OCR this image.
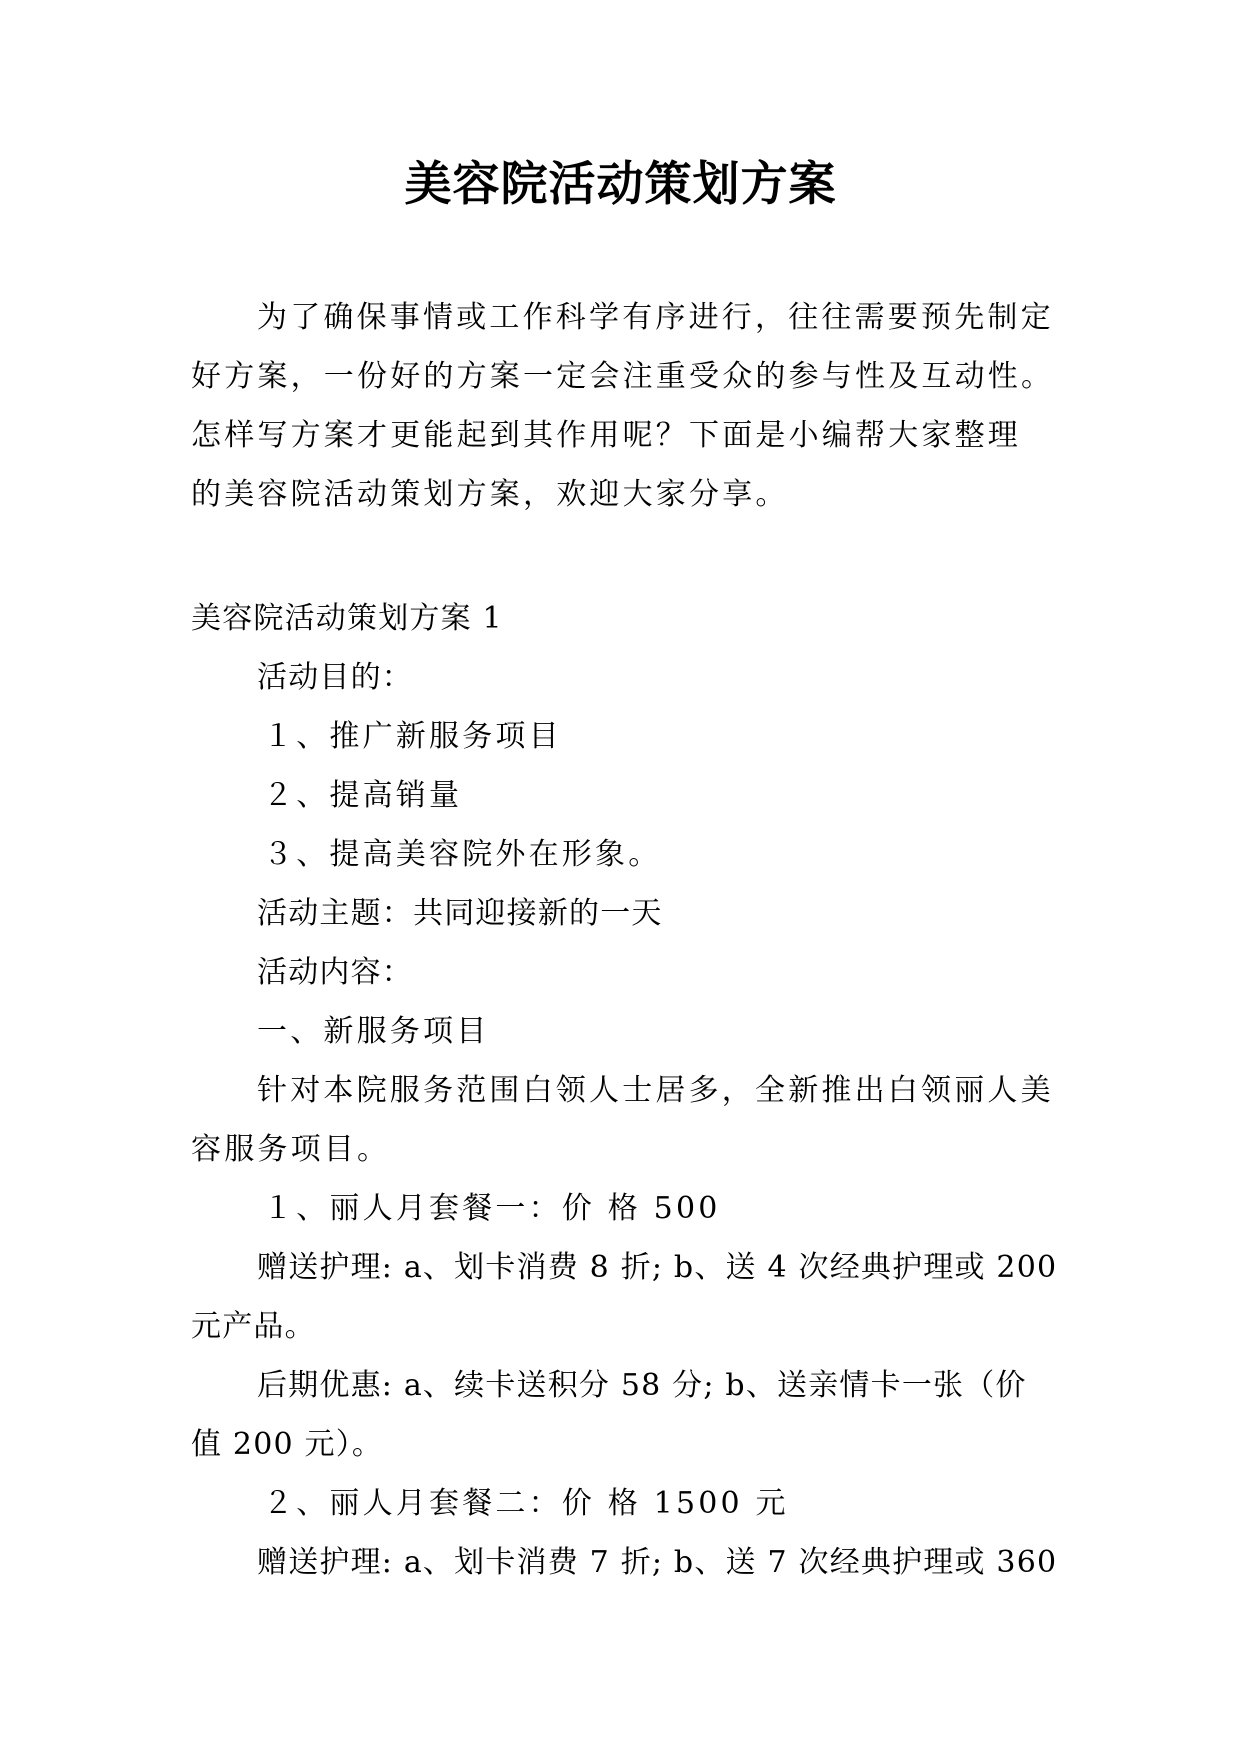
美容院活动策划方案

为了确保事情或工作科学有序进行，往往需要预先制定

好方案，一份好的方案一定会注重受众的参与性及互动性。

怎样写方案才更能起到其作用呢？下面是小编帮大家整理

的美容院活动策划方案，欢迎大家分享。

美容院活动策划方案 1

活动目的：

１、推广新服务项目

２、提高销量

３、提高美容院外在形象。

活动主题：共同迎接新的一天

活动内容：

一、新服务项目

针对本院服务范围白领人士居多，全新推出白领丽人美

容服务项目。

１、丽人月套餐一：价 格 500

赠送护理: a、划卡消费 8 折; b、送 4 次经典护理或 200

元产品。

后期优惠: a、续卡送积分 58 分; b、送亲情卡一张（价

值 200 元）。

２、丽人月套餐二：价 格 1500 元

赠送护理: a、划卡消费 7 折; b、送 7 次经典护理或 360
